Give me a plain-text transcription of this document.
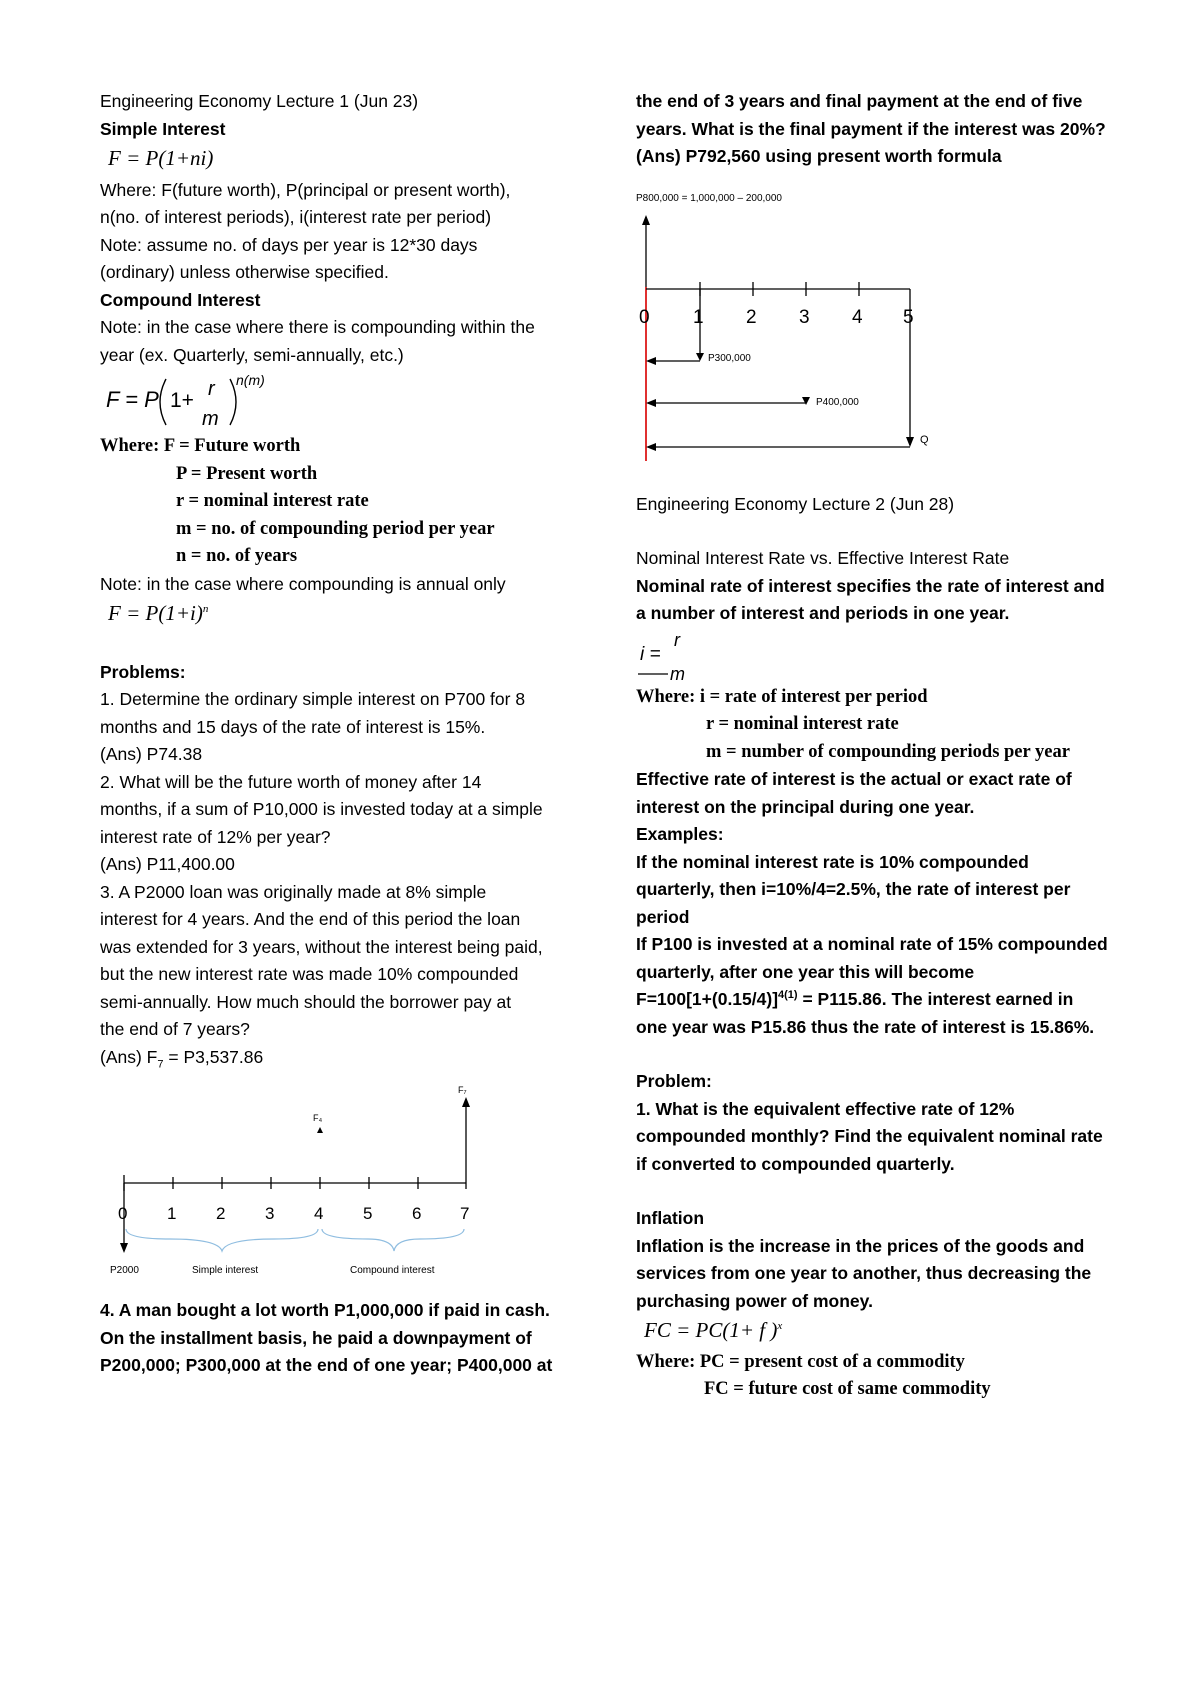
Engineering Economy Lecture 1 (Jun 23)
Simple Interest
F = P(1+ni)
Where: F(future worth), P(principal or present worth),
n(no. of interest periods), i(interest rate per period)
Note: assume no. of days per year is 12*30 days
(ordinary) unless otherwise specified.
Compound Interest
Note: in the case where there is compounding within the
year (ex. Quarterly, semi-annually, etc.)
F = P 1+ r
m
n(m)
Where: F = Future worth
P = Present worth
r = nominal interest rate
m = no. of compounding period per year
n = no. of years
Note: in the case where compounding is annual only
$F = P(1+i)^n$
Problems:
1. Determine the ordinary simple interest on P700 for 8
months and 15 days of the rate of interest is 15%.
(Ans) P74.38
2. What will be the future worth of money after 14
months, if a sum of P10,000 is invested today at a simple
interest rate of 12% per year?
(Ans) P11,400.00
3. A P2000 loan was originally made at 8% simple
interest for 4 years. And the end of this period the loan
was extended for 3 years, without the interest being paid,
but the new interest rate was made 10% compounded
semi-annually. How much should the borrower pay at
the end of 7 years?
(Ans) $F_7 = P3,537.86$
0 1 2 3 4 5 6 7
F₄
F₇
P2000	Simple interest	Compound interest
4. A man bought a lot worth P1,000,000 if paid in cash.
On the installment basis, he paid a downpayment of
P200,000; P300,000 at the end of one year; P400,000 at
the end of 3 years and final payment at the end of five
years. What is the final payment if the interest was 20%?
(Ans) P792,560 using present worth formula
P800,000 = 1,000,000 – 200,000
0 1 2 3 4 5
P300,000
P400,000
Q
Engineering Economy Lecture 2 (Jun 28)
Nominal Interest Rate vs. Effective Interest Rate
Nominal rate of interest specifies the rate of interest and
a number of interest and periods in one year.
i =
r
m
Where: i = rate of interest per period
r = nominal interest rate
m = number of compounding periods per year
Effective rate of interest is the actual or exact rate of
interest on the principal during one year.
Examples:
If the nominal interest rate is 10% compounded
quarterly, then i=10%/4=2.5%, the rate of interest per
period
If P100 is invested at a nominal rate of 15% compounded
quarterly, after one year this will become
$F=100[1+(0.15/4)]^{4(1)} = P115.86$. The interest earned in
one year was P15.86 thus the rate of interest is 15.86%.
Problem:
1. What is the equivalent effective rate of 12%
compounded monthly? Find the equivalent nominal rate
if converted to compounded quarterly.
Inflation
Inflation is the increase in the prices of the goods and
services from one year to another, thus decreasing the
purchasing power of money.
FC = PC(1+ f )$^x$
Where: PC = present cost of a commodity
FC = future cost of same commodity
